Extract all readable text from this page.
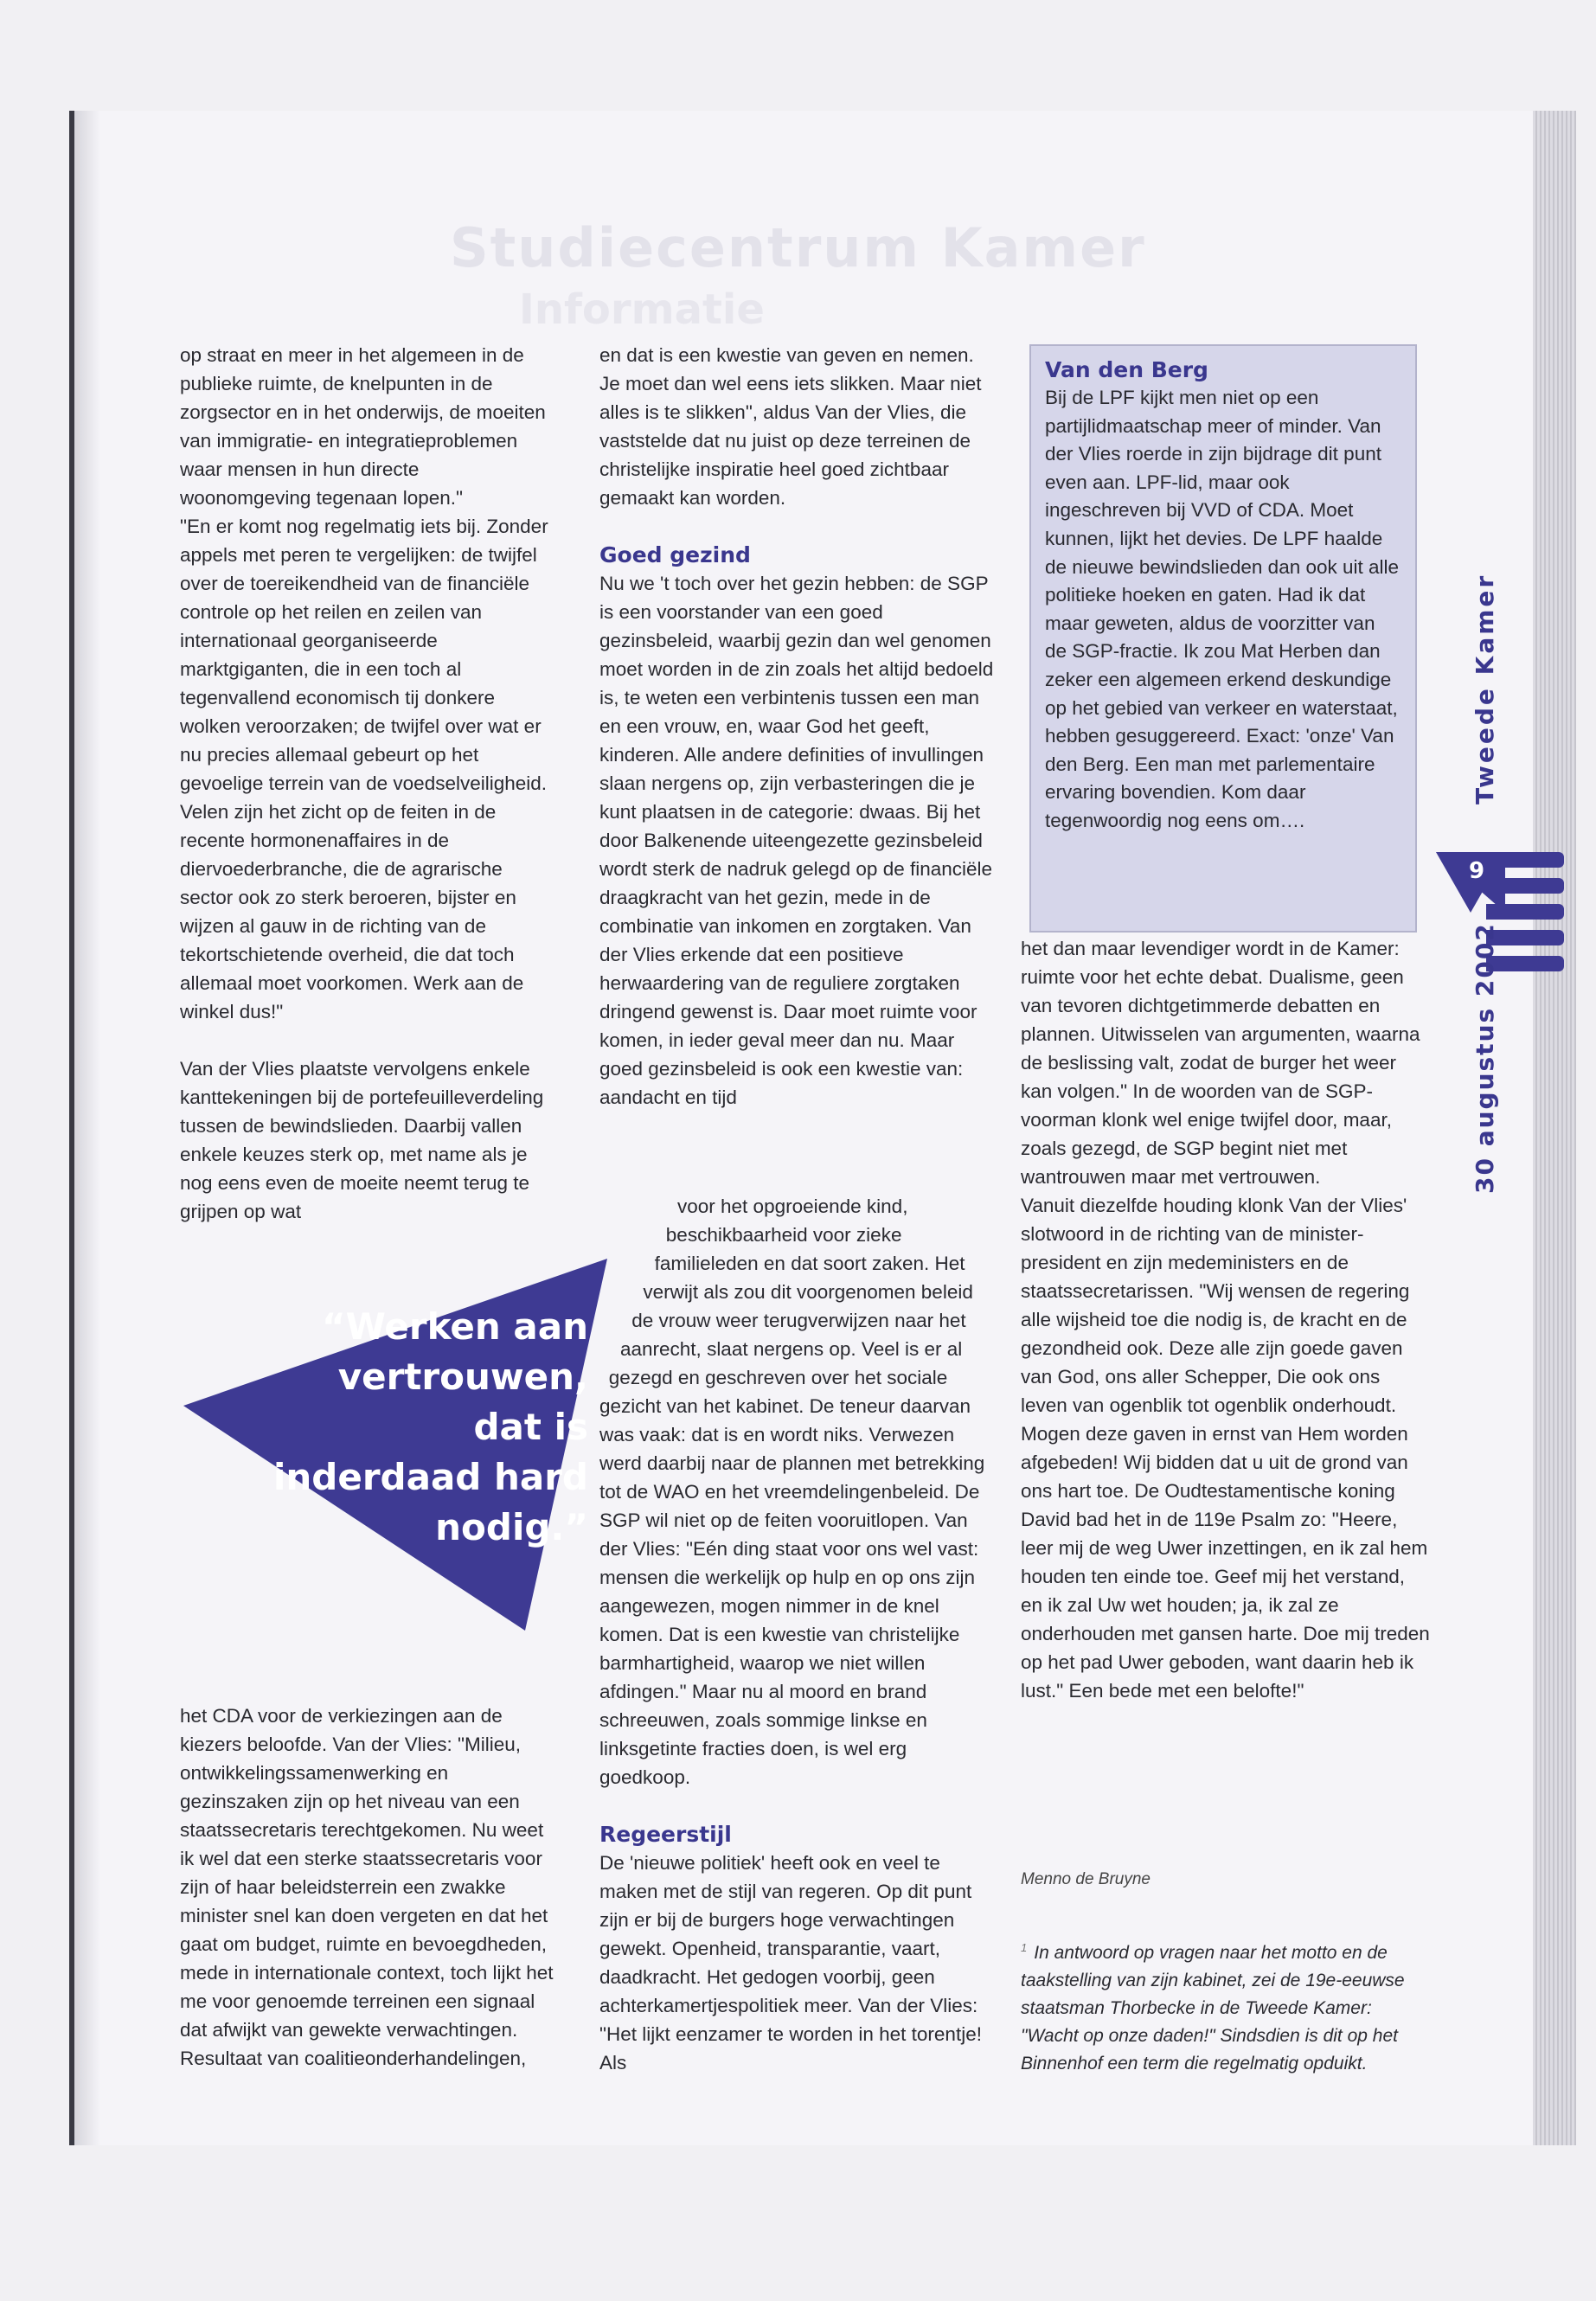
Studiecentrum Kamer
Informatie

op straat en meer in het algemeen in de publieke ruimte, de knelpunten in de zorgsector en in het onderwijs, de moeiten van immigratie- en integratieproblemen waar mensen in hun directe woonomgeving tegenaan lopen."
"En er komt nog regelmatig iets bij. Zonder appels met peren te vergelijken: de twijfel over de toereikendheid van de financiële controle op het reilen en zeilen van internationaal georganiseerde marktgiganten, die in een toch al tegenvallend economisch tij donkere wolken veroorzaken; de twijfel over wat er nu precies allemaal gebeurt op het gevoelige terrein van de voedselveiligheid. Velen zijn het zicht op de feiten in de recente hormonenaffaires in de diervoederbranche, die de agrarische sector ook zo sterk beroeren, bijster en wijzen al gauw in de richting van de tekortschietende overheid, die dat toch allemaal moet voorkomen. Werk aan de winkel dus!"

Van der Vlies plaatste vervolgens enkele kanttekeningen bij de portefeuilleverdeling tussen de bewindslieden. Daarbij vallen enkele keuzes sterk op, met name als je nog eens even de moeite neemt terug te grijpen op wat

“Werken aan vertrouwen, dat is inderdaad hard nodig.”

het CDA voor de verkiezingen aan de kiezers beloofde. Van der Vlies: "Milieu, ontwikkelingssamenwerking en gezinszaken zijn op het niveau van een staatssecretaris terechtgekomen. Nu weet ik wel dat een sterke staatssecretaris voor zijn of haar beleidsterrein een zwakke minister snel kan doen vergeten en dat het gaat om budget, ruimte en bevoegdheden, mede in internationale context, toch lijkt het me voor genoemde terreinen een signaal dat afwijkt van gewekte verwachtingen. Resultaat van coalitieonderhandelingen,

en dat is een kwestie van geven en nemen. Je moet dan wel eens iets slikken. Maar niet alles is te slikken", aldus Van der Vlies, die vaststelde dat nu juist op deze terreinen de christelijke inspiratie heel goed zichtbaar gemaakt kan worden.

Goed gezind

Nu we 't toch over het gezin hebben: de SGP is een voorstander van een goed gezinsbeleid, waarbij gezin dan wel genomen moet worden in de zin zoals het altijd bedoeld is, te weten een verbintenis tussen een man en een vrouw, en, waar God het geeft, kinderen. Alle andere definities of invullingen slaan nergens op, zijn verbasteringen die je kunt plaatsen in de categorie: dwaas. Bij het door Balkenende uiteengezette gezinsbeleid wordt sterk de nadruk gelegd op de financiële draagkracht van het gezin, mede in de combinatie van inkomen en zorgtaken. Van der Vlies erkende dat een positieve herwaardering van de reguliere zorgtaken dringend gewenst is. Daar moet ruimte voor komen, in ieder geval meer dan nu. Maar goed gezinsbeleid is ook een kwestie van: aandacht en tijd

voor het opgroeiende kind, beschikbaarheid voor zieke familieleden en dat soort zaken. Het verwijt als zou dit voorgenomen beleid de vrouw weer terugverwijzen naar het aanrecht, slaat nergens op. Veel is er al gezegd en geschreven over het sociale gezicht van het kabinet. De teneur daarvan was vaak: dat is en wordt niks. Verwezen werd daarbij naar de plannen met betrekking tot de WAO en het vreemdelingenbeleid. De SGP wil niet op de feiten vooruitlopen. Van der Vlies: "Eén ding staat voor ons wel vast: mensen die werkelijk op hulp en op ons zijn aangewezen, mogen nimmer in de knel komen. Dat is een kwestie van christelijke barmhartigheid, waarop we niet willen afdingen." Maar nu al moord en brand schreeuwen, zoals sommige linkse en linksgetinte fracties doen, is wel erg goedkoop.

Regeerstijl

De 'nieuwe politiek' heeft ook en veel te maken met de stijl van regeren. Op dit punt zijn er bij de burgers hoge verwachtingen gewekt. Openheid, transparantie, vaart, daadkracht. Het gedogen voorbij, geen achterkamertjespolitiek meer. Van der Vlies: "Het lijkt eenzamer te worden in het torentje! Als

Van den Berg
Bij de LPF kijkt men niet op een partijlidmaatschap meer of minder. Van der Vlies roerde in zijn bijdrage dit punt even aan. LPF-lid, maar ook ingeschreven bij VVD of CDA. Moet kunnen, lijkt het devies. De LPF haalde de nieuwe bewindslieden dan ook uit alle politieke hoeken en gaten. Had ik dat maar geweten, aldus de voorzitter van de SGP-fractie. Ik zou Mat Herben dan zeker een algemeen erkend deskundige op het gebied van verkeer en waterstaat, hebben gesuggereerd. Exact: 'onze' Van den Berg. Een man met parlementaire ervaring bovendien. Kom daar tegenwoordig nog eens om….

het dan maar levendiger wordt in de Kamer: ruimte voor het echte debat. Dualisme, geen van tevoren dichtgetimmerde debatten en plannen. Uitwisselen van argumenten, waarna de beslissing valt, zodat de burger het weer kan volgen." In de woorden van de SGP-voorman klonk wel enige twijfel door, maar, zoals gezegd, de SGP begint niet met wantrouwen maar met vertrouwen.

Vanuit diezelfde houding klonk Van der Vlies' slotwoord in de richting van de minister-president en zijn medeministers en de staatssecretarissen. "Wij wensen de regering alle wijsheid toe die nodig is, de kracht en de gezondheid ook. Deze alle zijn goede gaven van God, ons aller Schepper, Die ook ons leven van ogenblik tot ogenblik onderhoudt. Mogen deze gaven in ernst van Hem worden afgebeden! Wij bidden dat u uit de grond van ons hart toe. De Oudtestamentische koning David bad het in de 119e Psalm zo: "Heere, leer mij de weg Uwer inzettingen, en ik zal hem houden ten einde toe. Geef mij het verstand, en ik zal Uw wet houden; ja, ik zal ze onderhouden met gansen harte. Doe mij treden op het pad Uwer geboden, want daarin heb ik lust." Een bede met een belofte!"

Menno de Bruyne
$^1$ In antwoord op vragen naar het motto en de taakstelling van zijn kabinet, zei de 19e-eeuwse staatsman Thorbecke in de Tweede Kamer: "Wacht op onze daden!" Sindsdien is dit op het Binnenhof een term die regelmatig opduikt.
Tweede Kamer
9
30 augustus 2002
